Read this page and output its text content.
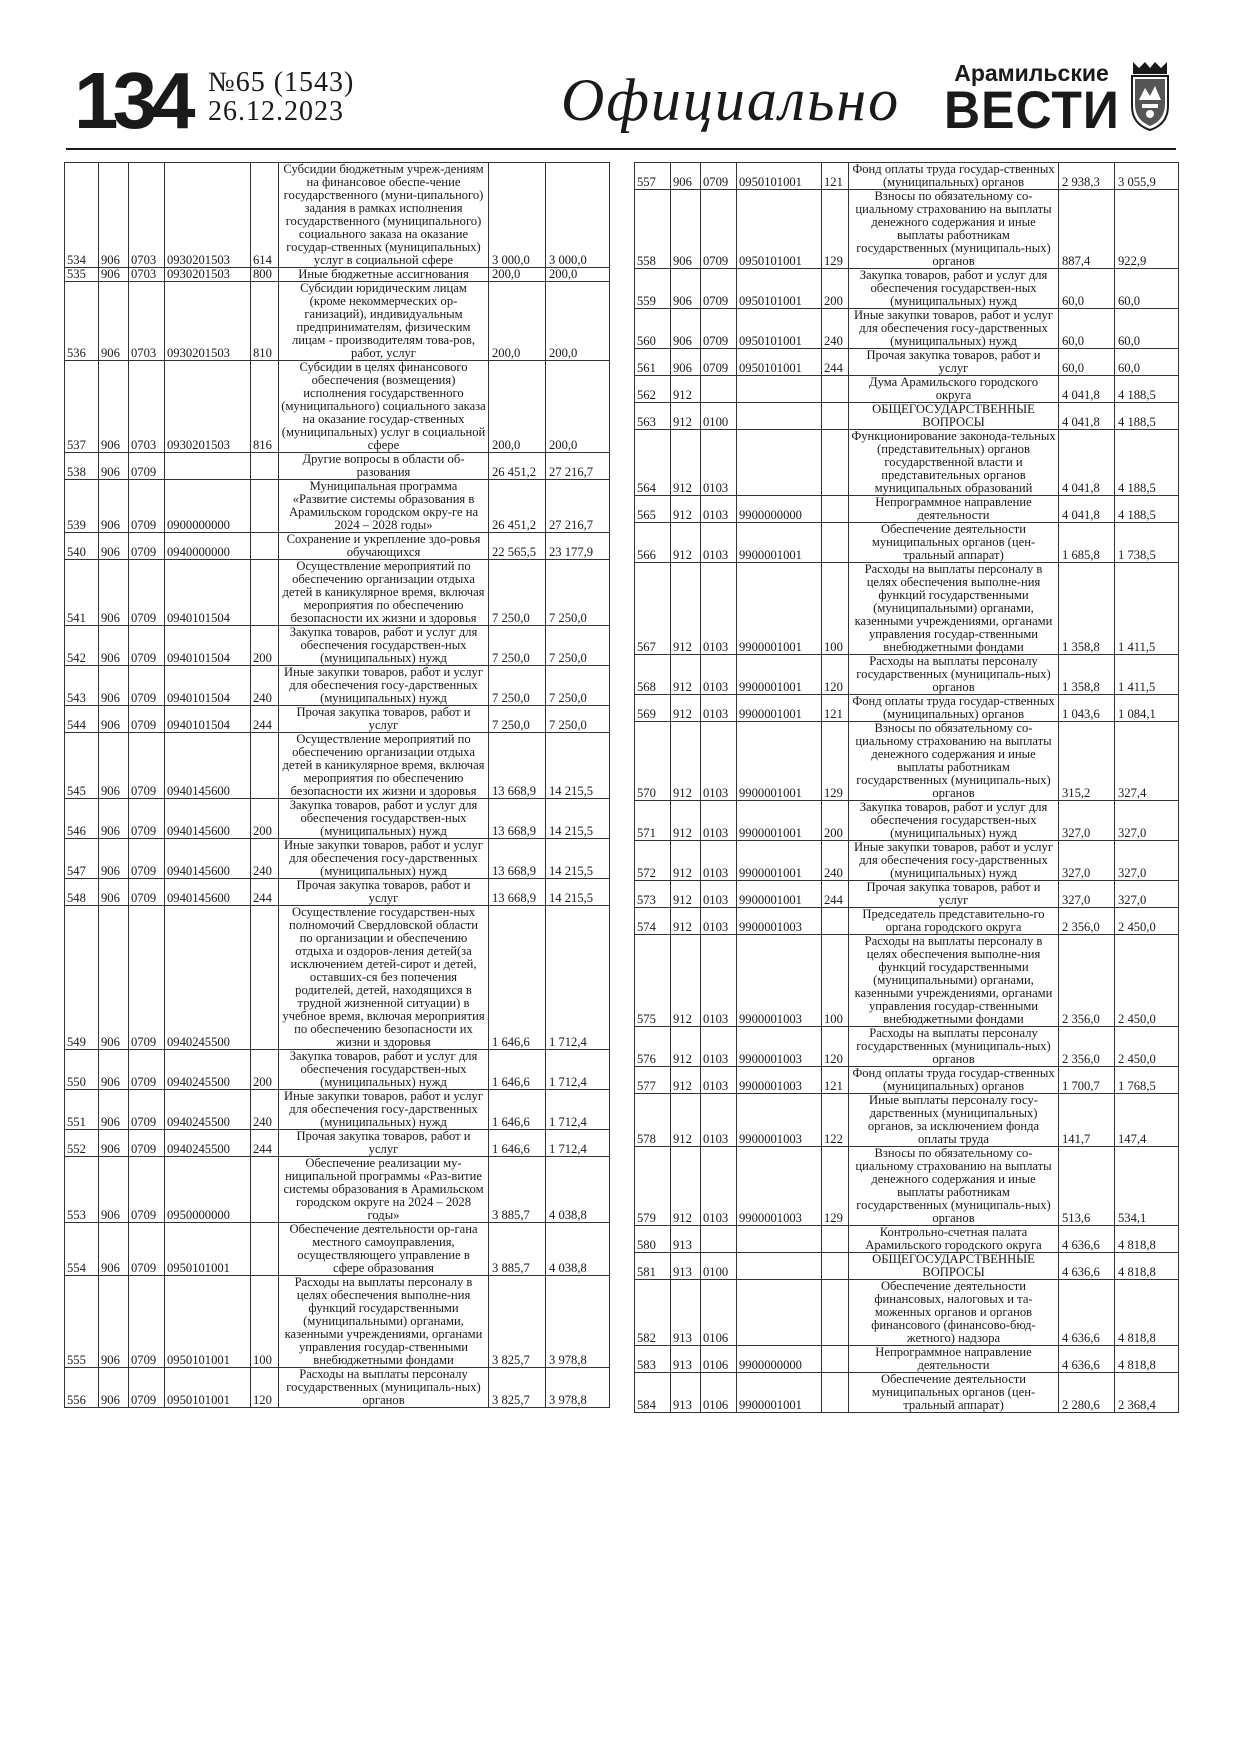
134 №65 (1543)
26.12.2023	Официально	Арамильские
ВЕСТИ
534	906	0703	0930201503	614	Субсидии бюджетным учреж-дениям на финансовое обеспе-чение государственного (муни-ципального) задания в рамках исполнения государственного (муниципального) социального заказа на оказание государ-ственных (муниципальных) услуг в социальной сфере	3 000,0	3 000,0
535	906	0703	0930201503	800	Иные бюджетные ассигнования	200,0	200,0
536	906	0703	0930201503	810	Субсидии юридическим лицам (кроме некоммерческих ор-ганизаций), индивидуальным предпринимателям, физическим лицам - производителям това-ров, работ, услуг	200,0	200,0
537	906	0703	0930201503	816	Субсидии в целях финансового обеспечения (возмещения) исполнения государственного (муниципального) социального заказа на оказание государ-ственных (муниципальных) услуг в социальной сфере	200,0	200,0
538	906	0709			Другие вопросы в области об-разования	26 451,2	27 216,7
539	906	0709	0900000000		Муниципальная программа «Развитие системы образования в Арамильском городском окру-ге на 2024 – 2028 годы»	26 451,2	27 216,7
540	906	0709	0940000000		Сохранение и укрепление здо-ровья обучающихся	22 565,5	23 177,9
541	906	0709	0940101504		Осуществление мероприятий по обеспечению организации отдыха детей в каникулярное время, включая мероприятия по обеспечению безопасности их жизни и здоровья	7 250,0	7 250,0
542	906	0709	0940101504	200	Закупка товаров, работ и услуг для обеспечения государствен-ных (муниципальных) нужд	7 250,0	7 250,0
543	906	0709	0940101504	240	Иные закупки товаров, работ и услуг для обеспечения госу-дарственных (муниципальных) нужд	7 250,0	7 250,0
544	906	0709	0940101504	244	Прочая закупка товаров, работ и услуг	7 250,0	7 250,0
545	906	0709	0940145600		Осуществление мероприятий по обеспечению организации отдыха детей в каникулярное время, включая мероприятия по обеспечению безопасности их жизни и здоровья	13 668,9	14 215,5
546	906	0709	0940145600	200	Закупка товаров, работ и услуг для обеспечения государствен-ных (муниципальных) нужд	13 668,9	14 215,5
547	906	0709	0940145600	240	Иные закупки товаров, работ и услуг для обеспечения госу-дарственных (муниципальных) нужд	13 668,9	14 215,5
548	906	0709	0940145600	244	Прочая закупка товаров, работ и услуг	13 668,9	14 215,5
549	906	0709	0940245500		Осуществление государствен-ных полномочий Свердловской области по организации и обеспечению отдыха и оздоров-ления детей(за исключением детей-сирот и детей, оставших-ся без попечения родителей, детей, находящихся в трудной жизненной ситуации) в учебное время, включая мероприятия по обеспечению безопасности их жизни и здоровья	1 646,6	1 712,4
550	906	0709	0940245500	200	Закупка товаров, работ и услуг для обеспечения государствен-ных (муниципальных) нужд	1 646,6	1 712,4
551	906	0709	0940245500	240	Иные закупки товаров, работ и услуг для обеспечения госу-дарственных (муниципальных) нужд	1 646,6	1 712,4
552	906	0709	0940245500	244	Прочая закупка товаров, работ и услуг	1 646,6	1 712,4
553	906	0709	0950000000		Обеспечение реализации му-ниципальной программы «Раз-витие системы образования в Арамильском городском округе на 2024 – 2028 годы»	3 885,7	4 038,8
554	906	0709	0950101001		Обеспечение деятельности ор-гана местного самоуправления, осуществляющего управление в сфере образования	3 885,7	4 038,8
555	906	0709	0950101001	100	Расходы на выплаты персоналу в целях обеспечения выполне-ния функций государственными (муниципальными) органами, казенными учреждениями, органами управления государ-ственными внебюджетными фондами	3 825,7	3 978,8
556	906	0709	0950101001	120	Расходы на выплаты персоналу государственных (муниципаль-ных) органов	3 825,7	3 978,8
557	906	0709	0950101001	121	Фонд оплаты труда государ-ственных (муниципальных) органов	2 938,3	3 055,9
558	906	0709	0950101001	129	Взносы по обязательному со-циальному страхованию на выплаты денежного содержания и иные выплаты работникам государственных (муниципаль-ных) органов	887,4	922,9
559	906	0709	0950101001	200	Закупка товаров, работ и услуг для обеспечения государствен-ных (муниципальных) нужд	60,0	60,0
560	906	0709	0950101001	240	Иные закупки товаров, работ и услуг для обеспечения госу-дарственных (муниципальных) нужд	60,0	60,0
561	906	0709	0950101001	244	Прочая закупка товаров, работ и услуг	60,0	60,0
562	912				Дума Арамильского городского округа	4 041,8	4 188,5
563	912	0100			ОБЩЕГОСУДАРСТВЕННЫЕ ВОПРОСЫ	4 041,8	4 188,5
564	912	0103			Функционирование законода-тельных (представительных) органов государственной власти и представительных органов муниципальных образований	4 041,8	4 188,5
565	912	0103	9900000000		Непрограммное направление деятельности	4 041,8	4 188,5
566	912	0103	9900001001		Обеспечение деятельности муниципальных органов (цен-тральный аппарат)	1 685,8	1 738,5
567	912	0103	9900001001	100	Расходы на выплаты персоналу в целях обеспечения выполне-ния функций государственными (муниципальными) органами, казенными учреждениями, органами управления государ-ственными внебюджетными фондами	1 358,8	1 411,5
568	912	0103	9900001001	120	Расходы на выплаты персоналу государственных (муниципаль-ных) органов	1 358,8	1 411,5
569	912	0103	9900001001	121	Фонд оплаты труда государ-ственных (муниципальных) органов	1 043,6	1 084,1
570	912	0103	9900001001	129	Взносы по обязательному со-циальному страхованию на выплаты денежного содержания и иные выплаты работникам государственных (муниципаль-ных) органов	315,2	327,4
571	912	0103	9900001001	200	Закупка товаров, работ и услуг для обеспечения государствен-ных (муниципальных) нужд	327,0	327,0
572	912	0103	9900001001	240	Иные закупки товаров, работ и услуг для обеспечения госу-дарственных (муниципальных) нужд	327,0	327,0
573	912	0103	9900001001	244	Прочая закупка товаров, работ и услуг	327,0	327,0
574	912	0103	9900001003		Председатель представительно-го органа городского округа	2 356,0	2 450,0
575	912	0103	9900001003	100	Расходы на выплаты персоналу в целях обеспечения выполне-ния функций государственными (муниципальными) органами, казенными учреждениями, органами управления государ-ственными внебюджетными фондами	2 356,0	2 450,0
576	912	0103	9900001003	120	Расходы на выплаты персоналу государственных (муниципаль-ных) органов	2 356,0	2 450,0
577	912	0103	9900001003	121	Фонд оплаты труда государ-ственных (муниципальных) органов	1 700,7	1 768,5
578	912	0103	9900001003	122	Иные выплаты персоналу госу-дарственных (муниципальных) органов, за исключением фонда оплаты труда	141,7	147,4
579	912	0103	9900001003	129	Взносы по обязательному со-циальному страхованию на выплаты денежного содержания и иные выплаты работникам государственных (муниципаль-ных) органов	513,6	534,1
580	913				Контрольно-счетная палата Арамильского городского округа	4 636,6	4 818,8
581	913	0100			ОБЩЕГОСУДАРСТВЕННЫЕ ВОПРОСЫ	4 636,6	4 818,8
582	913	0106			Обеспечение деятельности финансовых, налоговых и та-моженных органов и органов финансового (финансово-бюд-жетного) надзора	4 636,6	4 818,8
583	913	0106	9900000000		Непрограммное направление деятельности	4 636,6	4 818,8
584	913	0106	9900001001		Обеспечение деятельности муниципальных органов (цен-тральный аппарат)	2 280,6	2 368,4
